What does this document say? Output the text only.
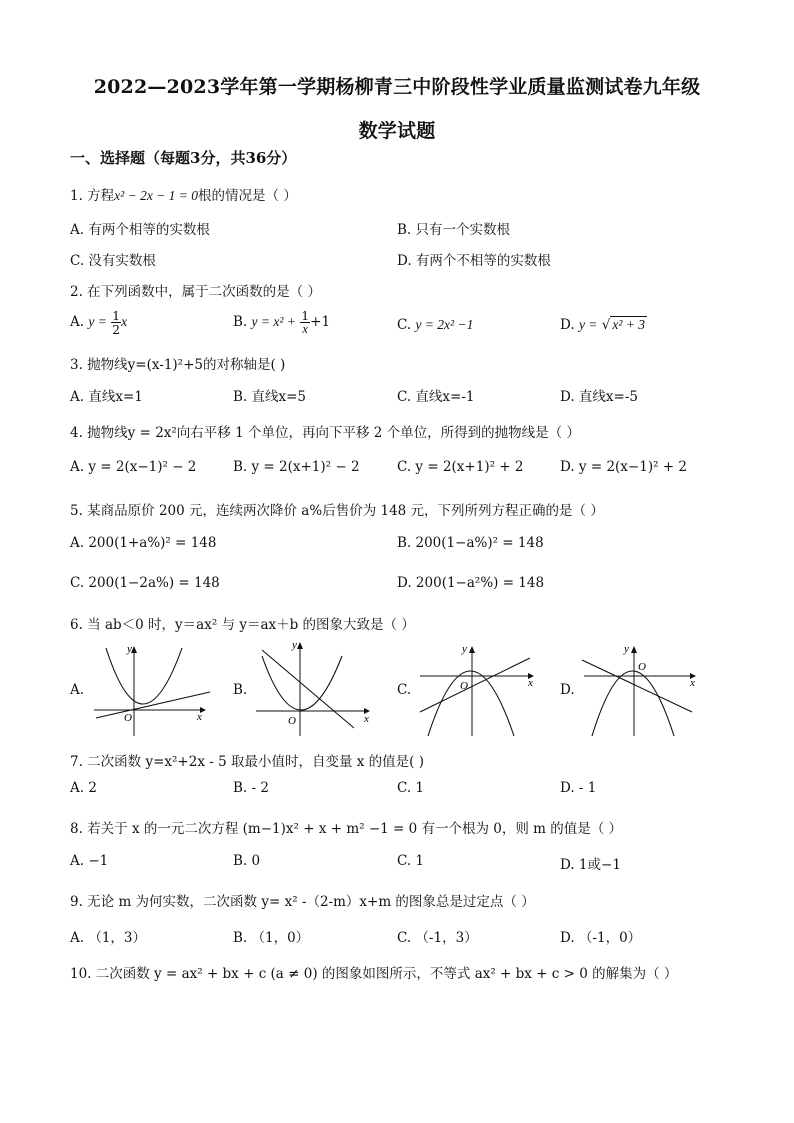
2022—2023学年第一学期杨柳青三中阶段性学业质量监测试卷九年级
数学试题
一、选择题（每题3分，共36分）
1. 方程x² − 2x − 1 = 0根的情况是（ ）
A. 有两个相等的实数根	B. 只有一个实数根
C. 没有实数根	D. 有两个不相等的实数根
2. 在下列函数中，属于二次函数的是（ ）
A. $y = \frac{1}{2}$ x	B. $y = x^2 + \frac{1}{x} +1$	C. y = 2x² −1	D. y = √ x² + 3
3. 抛物线y=(x-1)²+5的对称轴是( )
A. 直线x=1	B. 直线x=5	C. 直线x=-1	D. 直线x=-5
4. 抛物线y = 2x²向右平移 1 个单位，再向下平移 2 个单位，所得到的抛物线是（ ）
A. y = 2(x−1)² − 2	B. y = 2(x+1)² − 2	C. y = 2(x+1)² + 2	D. y = 2(x−1)² + 2
5. 某商品原价 200 元，连续两次降价 a%后售价为 148 元，下列所列方程正确的是（ ）
A. 200(1+a%)² = 148	B. 200(1−a%)² = 148
C. 200(1−2a%) = 148	D. 200(1−a²%) = 148
6. 当 ab＜0 时，y＝ax² 与 y＝ax＋b 的图象大致是（ ）
A.
y
x
O
B.
y
x
O
C.
y
x
O	D.
y
x
O
7. 二次函数 y=x²+2x - 5 取最小值时，自变量 x 的值是( )
A. 2	B. - 2	C. 1	D. - 1
8. 若关于 x 的一元二次方程 (m−1)x² + x + m² −1 = 0 有一个根为 0，则 m 的值是（ ）
A. −1	B. 0	C. 1	D. 1或−1
9. 无论 m 为何实数，二次函数 y= x² -（2-m）x+m 的图象总是过定点（ ）
A. （1，3）	B. （1，0）	C. （-1，3）	D. （-1，0）
10. 二次函数 y = ax² + bx + c (a ≠ 0) 的图象如图所示，不等式 ax² + bx + c > 0 的解集为（ ）
